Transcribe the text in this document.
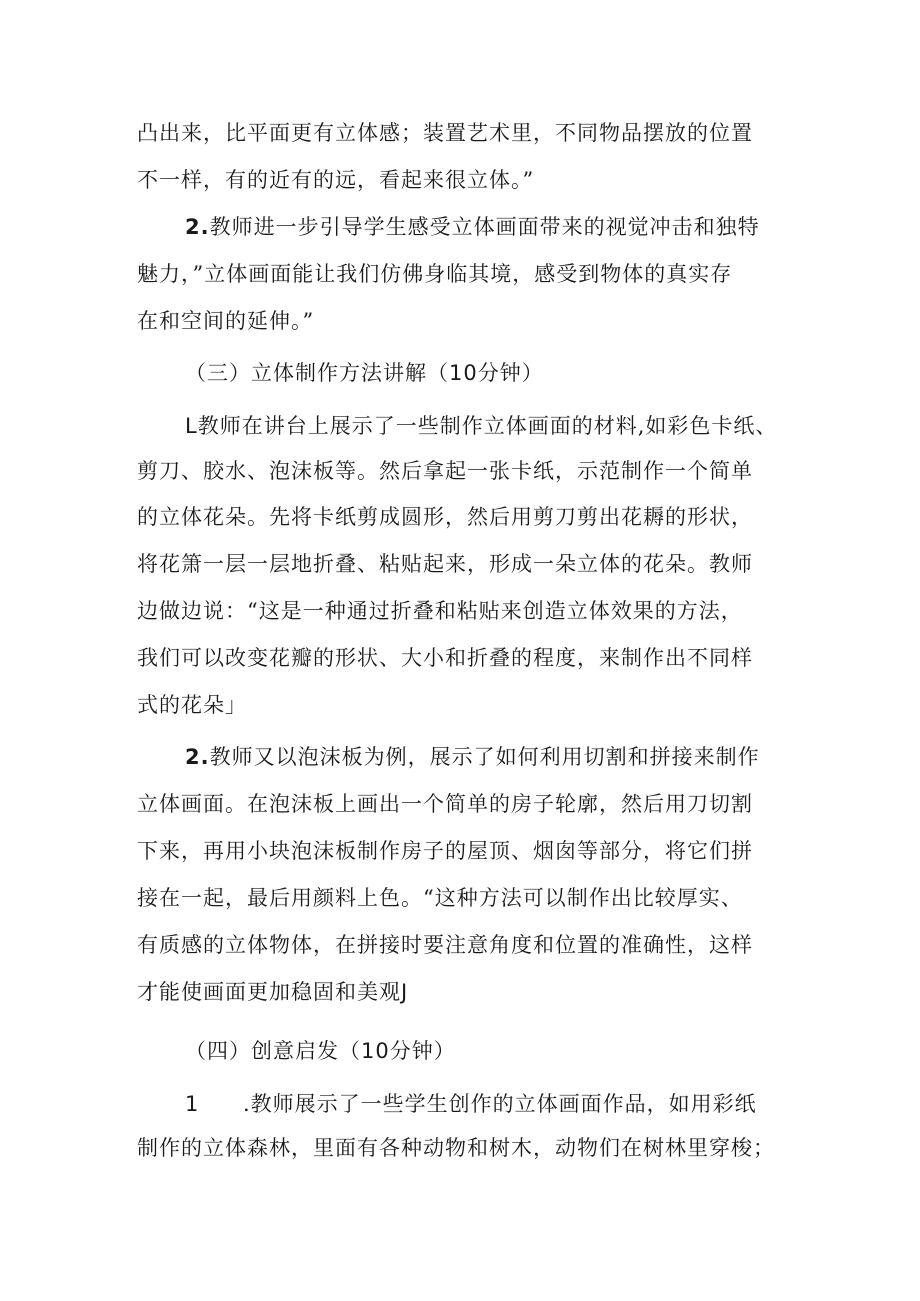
凸出来，比平面更有立体感；装置艺术里，不同物品摆放的位置
不一样，有的近有的远，看起来很立体。”
2.教师进一步引导学生感受立体画面带来的视觉冲击和独特
魅力，”立体画面能让我们仿佛身临其境，感受到物体的真实存
在和空间的延伸。”
（三）立体制作方法讲解（10分钟）
L教师在讲台上展示了一些制作立体画面的材料,如彩色卡纸、
剪刀、胶水、泡沫板等。然后拿起一张卡纸，示范制作一个简单
的立体花朵。先将卡纸剪成圆形，然后用剪刀剪出花耨的形状，
将花箫一层一层地折叠、粘贴起来，形成一朵立体的花朵。教师
边做边说：“这是一种通过折叠和粘贴来创造立体效果的方法，
我们可以改变花瓣的形状、大小和折叠的程度，来制作出不同样
式的花朵」
2.教师又以泡沫板为例，展示了如何利用切割和拼接来制作
立体画面。在泡沫板上画出一个简单的房子轮廓，然后用刀切割
下来，再用小块泡沫板制作房子的屋顶、烟囱等部分，将它们拼
接在一起，最后用颜料上色。“这种方法可以制作出比较厚实、
有质感的立体物体，在拼接时要注意角度和位置的准确性，这样
才能使画面更加稳固和美观J
（四）创意启发（10分钟）
1 .教师展示了一些学生创作的立体画面作品，如用彩纸
制作的立体森林，里面有各种动物和树木，动物们在树林里穿梭；
